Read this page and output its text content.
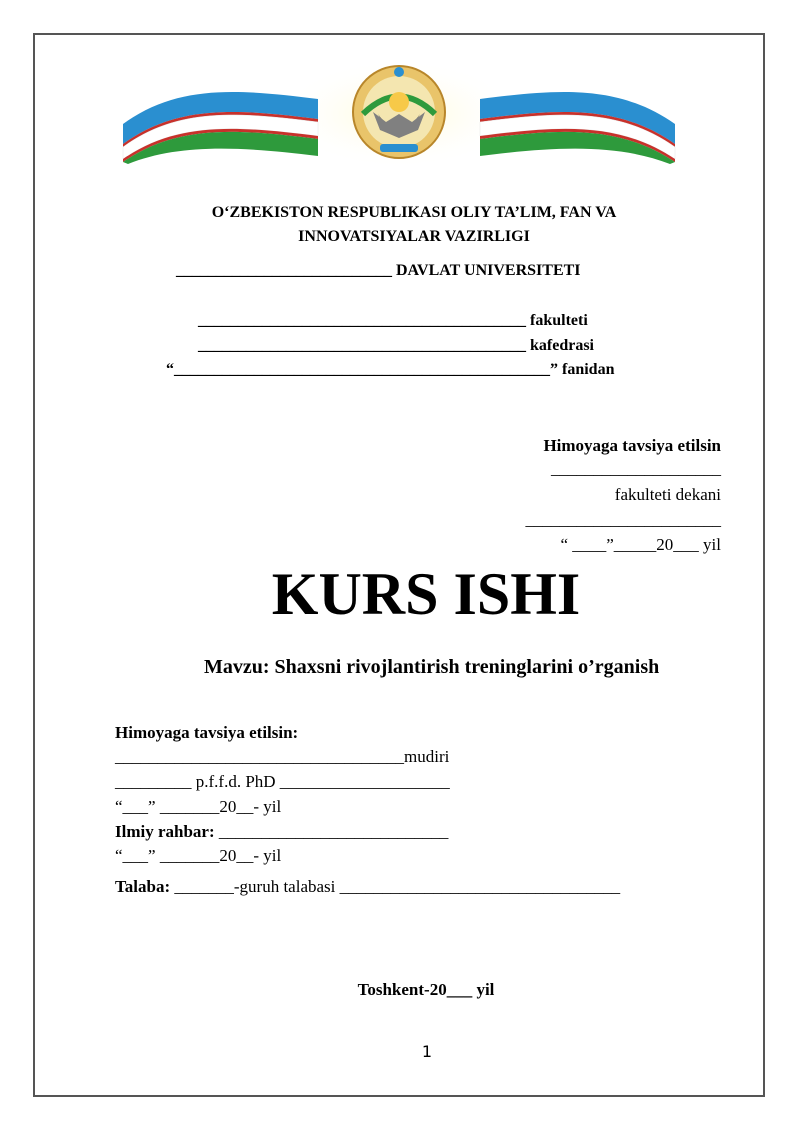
O‘ZBEKISTON RESPUBLIKASI OLIY TA’LIM, FAN VA
INNOVATSIYALAR VAZIRLIGI
___________________________ DAVLAT UNIVERSITETI
_________________________________________ fakulteti
_________________________________________ kafedrasi
“_______________________________________________” fanidan
Himoyaga tavsiya etilsin
____________________
fakulteti dekani
_______________________
“ ____”_____20___ yil
KURS ISHI
Mavzu: Shaxsni rivojlantirish treninglarini o’rganish
Himoyaga tavsiya etilsin:
__________________________________mudiri
_________ p.f.f.d. PhD ____________________
“___” _______20__- yil
Ilmiy rahbar: ___________________________
“___” _______20__- yil
Talaba: _______-guruh talabasi _________________________________
Toshkent-20___ yil
1
